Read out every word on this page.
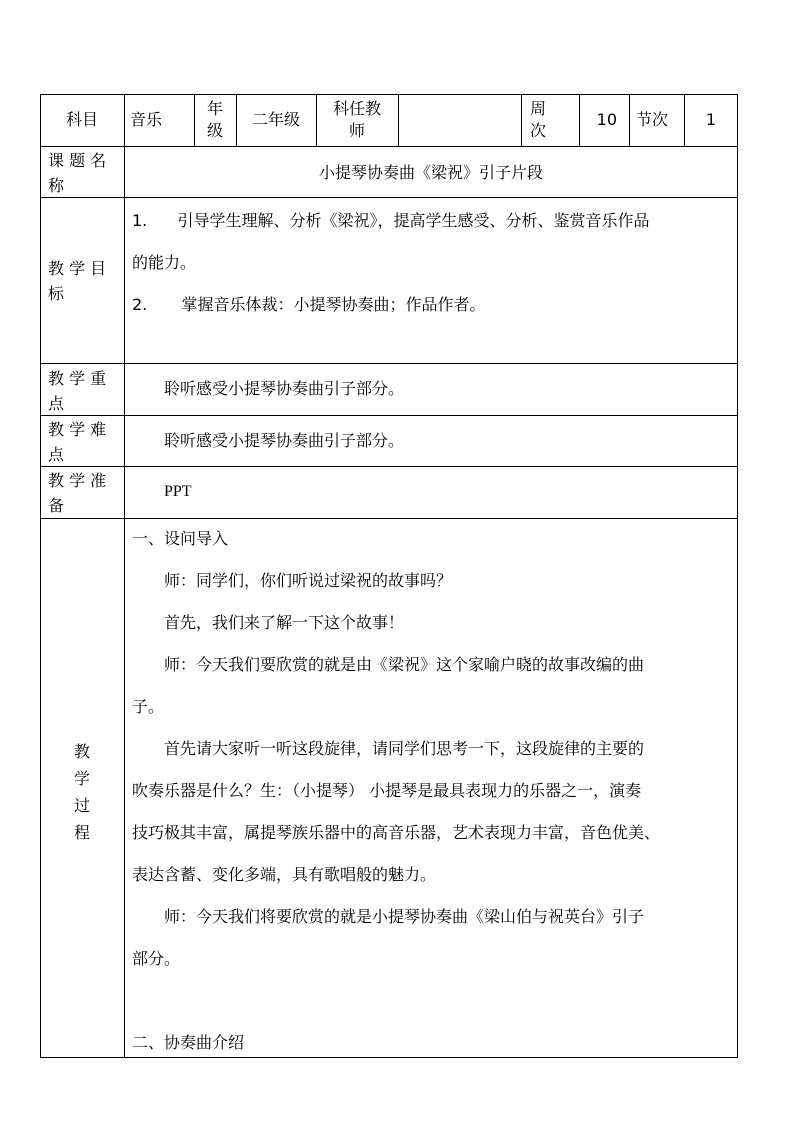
科目 音乐
年
级
二年级
科任教
师
周
次
10 节次 1
课 题 名
称
小提琴协奏曲《梁祝》引子片段
教 学 目
标
1. 引导学生理解、分析《梁祝》，提高学生感受、分析、鉴赏音乐作品
的能力。
2. 掌握音乐体裁：小提琴协奏曲；作品作者。
教 学 重
点
聆听感受小提琴协奏曲引子部分。
教 学 难
点
聆听感受小提琴协奏曲引子部分。
教 学 准
备
PPT
教
学
过
程
一、设问导入
师：同学们，你们听说过梁祝的故事吗？
首先，我们来了解一下这个故事！
师：今天我们要欣赏的就是由《梁祝》这个家喻户晓的故事改编的曲
子。
首先请大家听一听这段旋律，请同学们思考一下，这段旋律的主要的
吹奏乐器是什么？生：（小提琴） 小提琴是最具表现力的乐器之一，演奏
技巧极其丰富，属提琴族乐器中的高音乐器，艺术表现力丰富，音色优美、
表达含蓄、变化多端，具有歌唱般的魅力。
师：今天我们将要欣赏的就是小提琴协奏曲《梁山伯与祝英台》引子
部分。
二、协奏曲介绍
